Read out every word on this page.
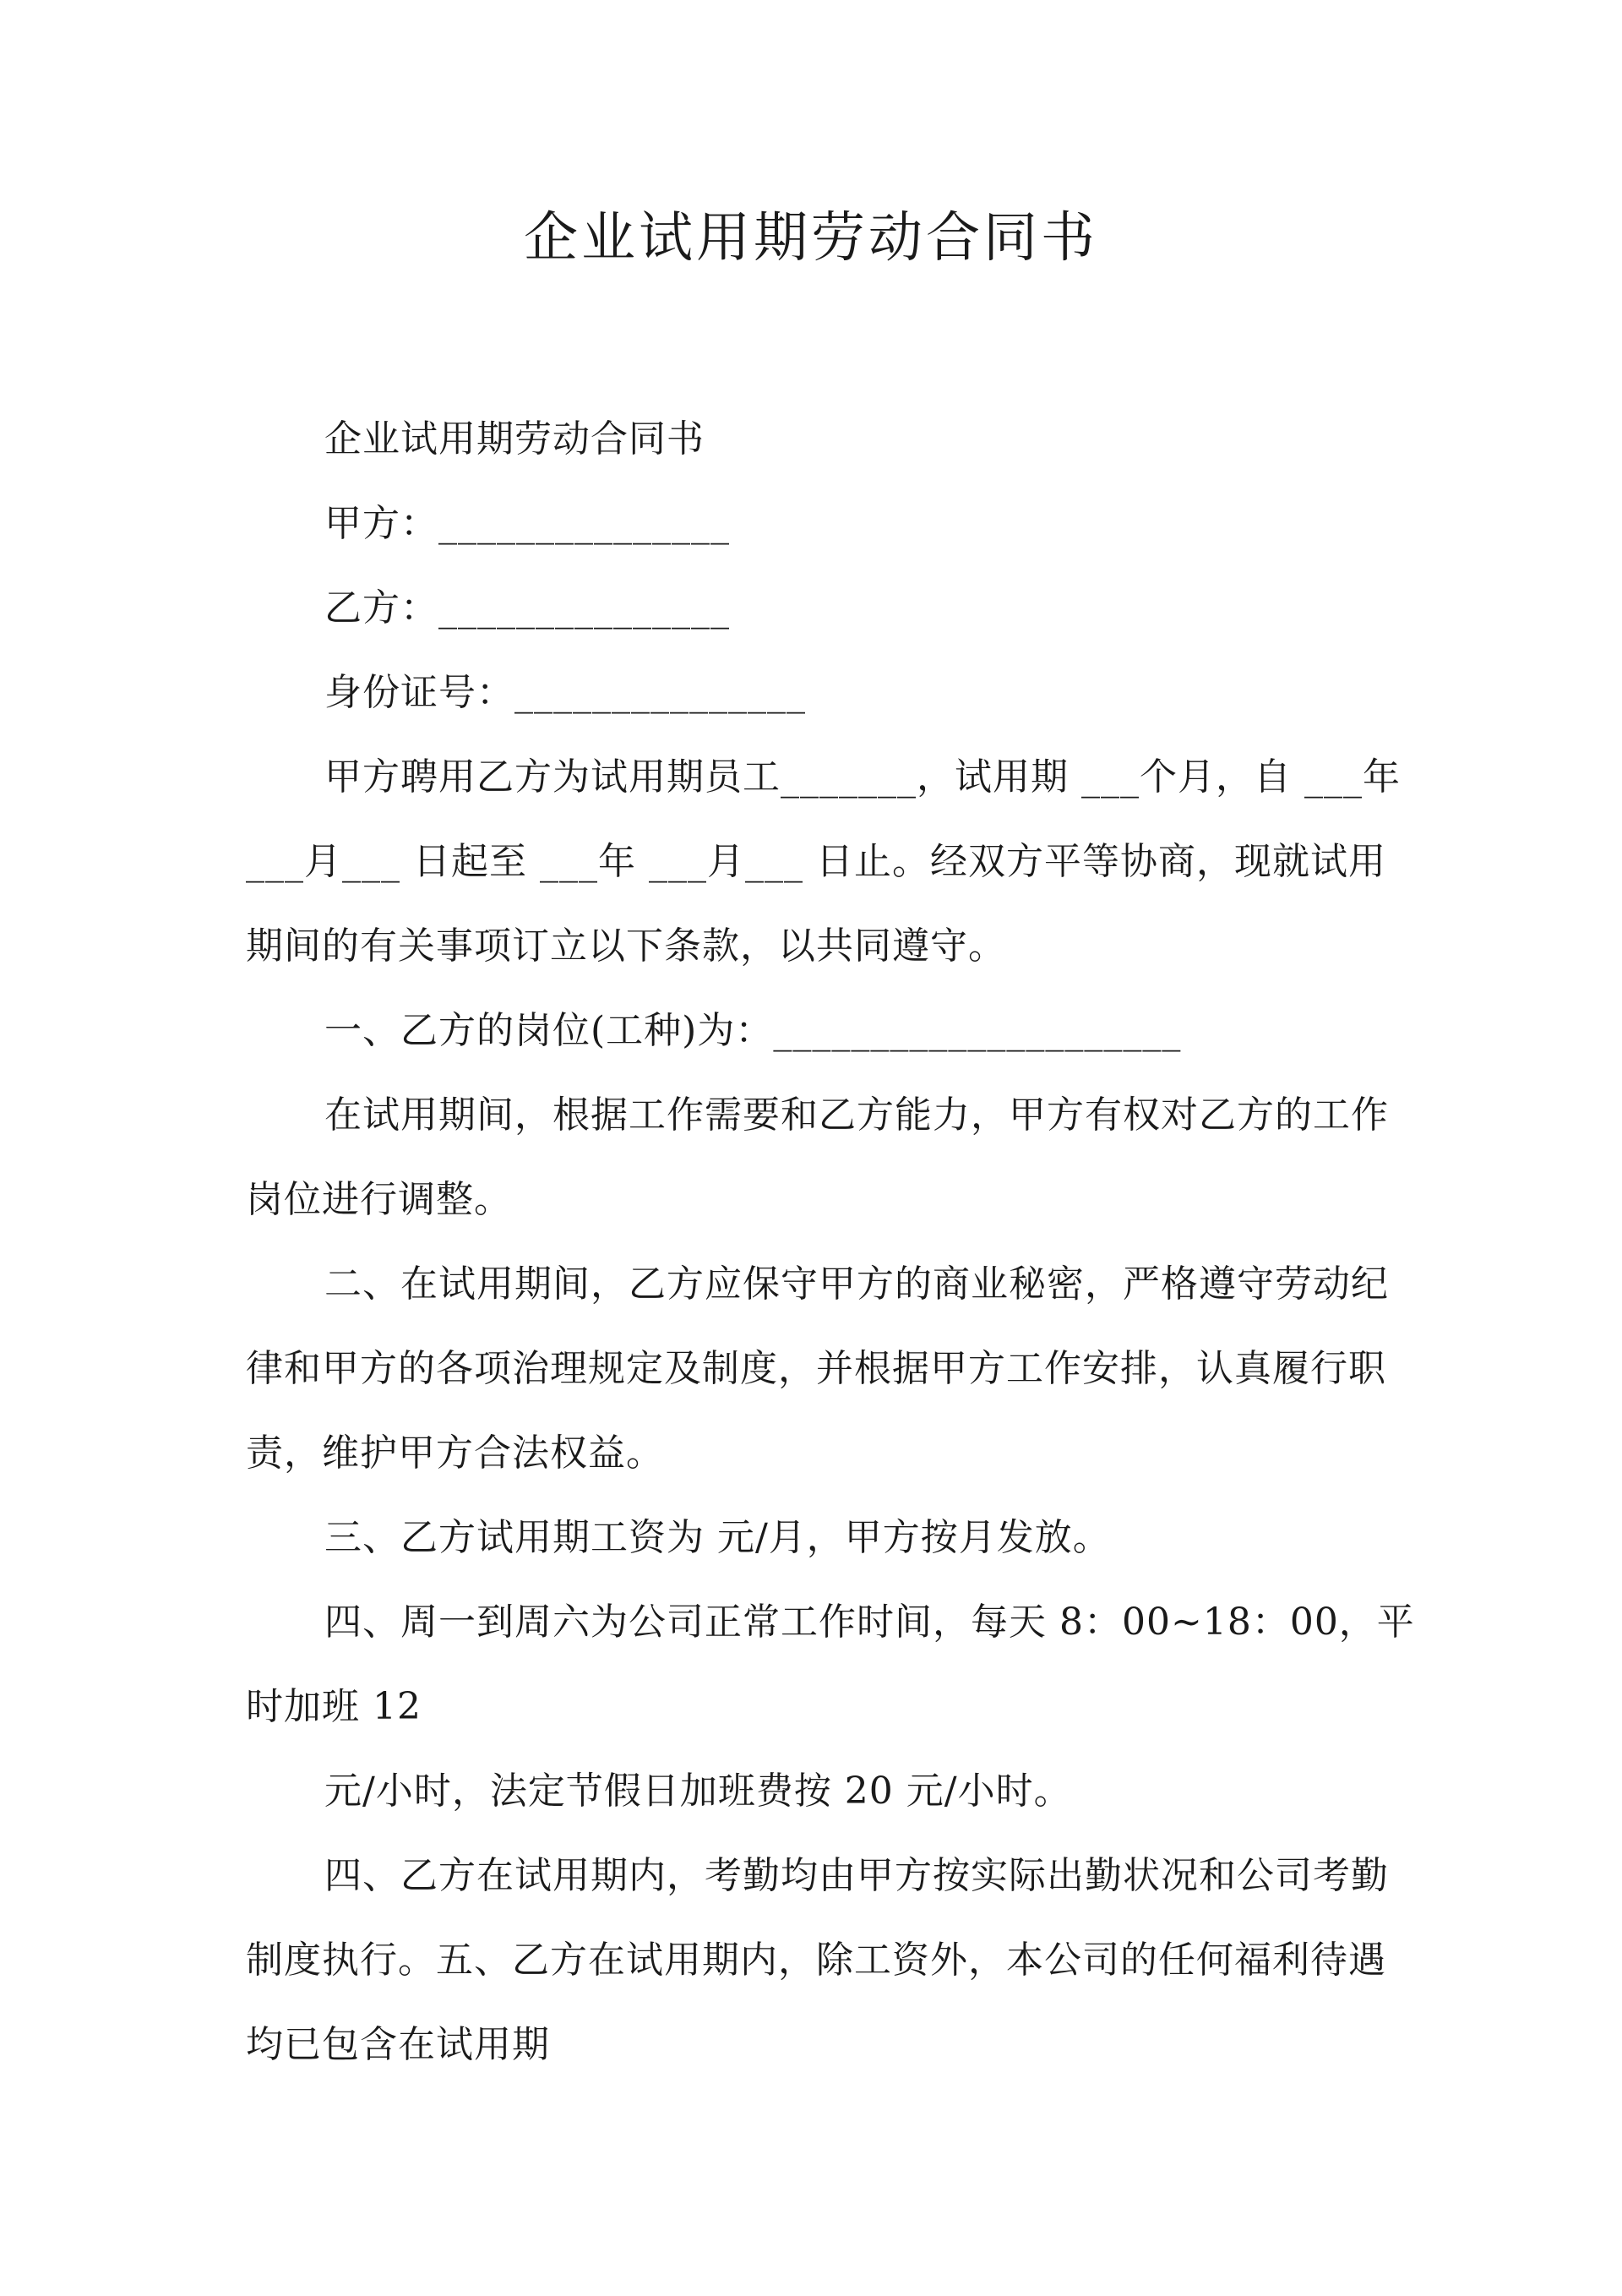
企业试用期劳动合同书
企业试用期劳动合同书
甲方：_______________
乙方：_______________
身份证号：_______________
甲方聘用乙方为试用期员工_______，试用期 ___个月，自 ___年
___月___ 日起至 ___年 ___月___ 日止。经双方平等协商，现就试用
期间的有关事项订立以下条款，以共同遵守。
一、乙方的岗位(工种)为：_____________________
在试用期间，根据工作需要和乙方能力，甲方有权对乙方的工作
岗位进行调整。
二、在试用期间，乙方应保守甲方的商业秘密，严格遵守劳动纪
律和甲方的各项治理规定及制度，并根据甲方工作安排，认真履行职
责，维护甲方合法权益。
三、乙方试用期工资为 元/月，甲方按月发放。
四、周一到周六为公司正常工作时间，每天 8：00~18：00，平
时加班 12
元/小时，法定节假日加班费按 20 元/小时。
四、乙方在试用期内，考勤均由甲方按实际出勤状况和公司考勤
制度执行。五、乙方在试用期内，除工资外，本公司的任何福利待遇
均已包含在试用期
